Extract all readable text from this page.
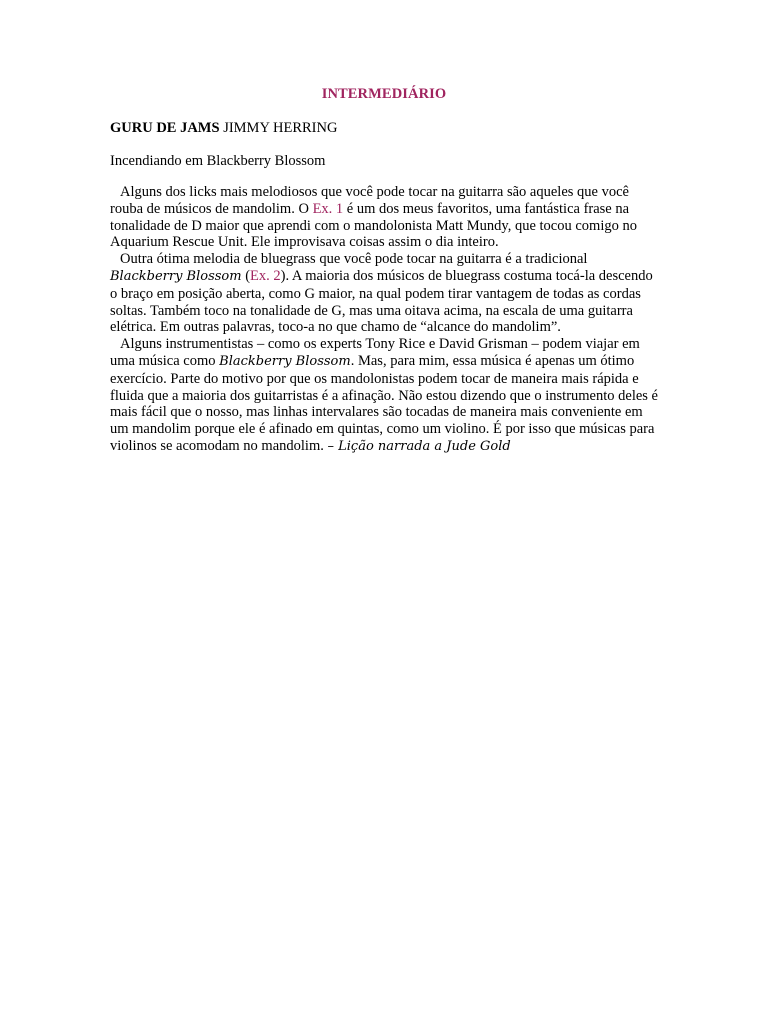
INTERMEDIÁRIO
GURU DE JAMS JIMMY HERRING
Incendiando em Blackberry Blossom

Alguns dos licks mais melodiosos que você pode tocar na guitarra são aqueles que você rouba de músicos de mandolim. O Ex. 1 é um dos meus favoritos, uma fantástica frase na tonalidade de D maior que aprendi com o mandolonista Matt Mundy, que tocou comigo no Aquarium Rescue Unit. Ele improvisava coisas assim o dia inteiro.

Outra ótima melodia de bluegrass que você pode tocar na guitarra é a tradicional Blackberry Blossom (Ex. 2). A maioria dos músicos de bluegrass costuma tocá-la descendo o braço em posição aberta, como G maior, na qual podem tirar vantagem de todas as cordas soltas. Também toco na tonalidade de G, mas uma oitava acima, na escala de uma guitarra elétrica. Em outras palavras, toco-a no que chamo de “alcance do mandolim”.

Alguns instrumentistas – como os experts Tony Rice e David Grisman – podem viajar em uma música como Blackberry Blossom. Mas, para mim, essa música é apenas um ótimo exercício. Parte do motivo por que os mandolonistas podem tocar de maneira mais rápida e fluida que a maioria dos guitarristas é a afinação. Não estou dizendo que o instrumento deles é mais fácil que o nosso, mas linhas intervalares são tocadas de maneira mais conveniente em um mandolim porque ele é afinado em quintas, como um violino. É por isso que músicas para violinos se acomodam no mandolim. – Lição narrada a Jude Gold
